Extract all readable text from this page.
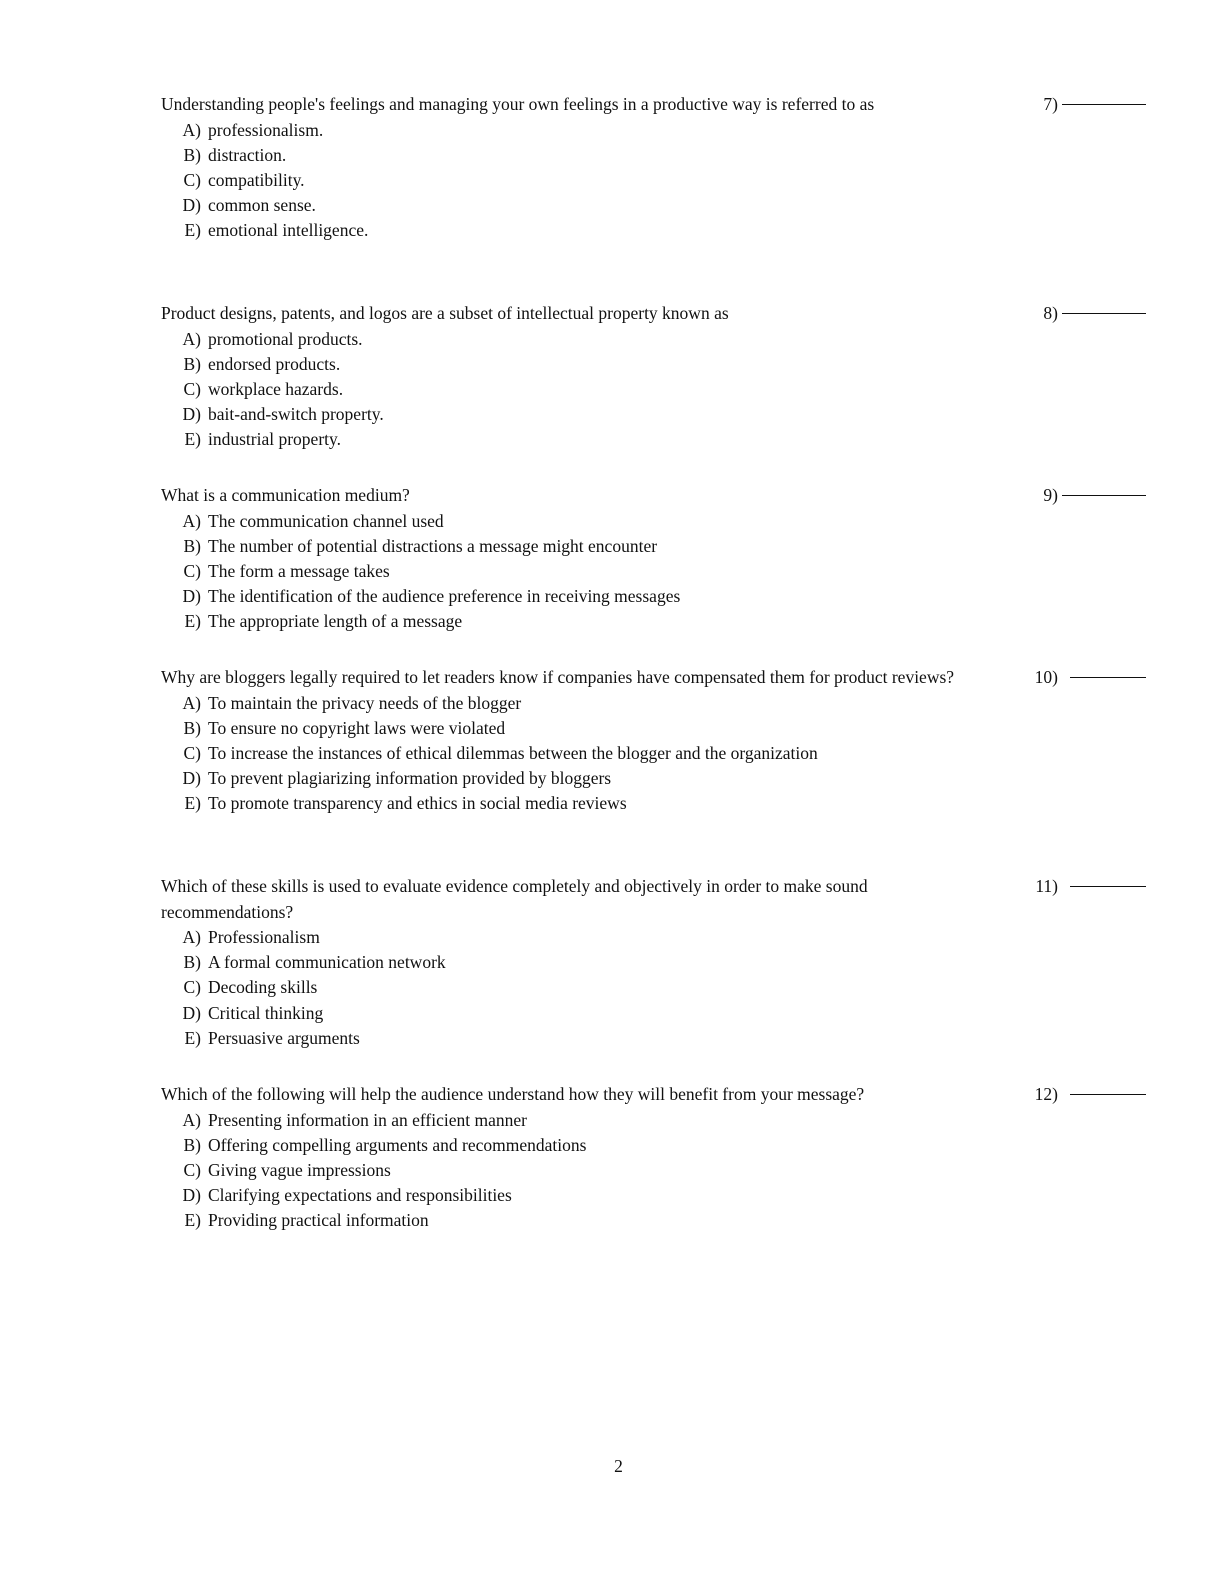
Understanding people's feelings and managing your own feelings in a productive way is referred to as
A) professionalism.
B) distraction.
C) compatibility.
D) common sense.
E) emotional intelligence.
7)
Product designs, patents, and logos are a subset of intellectual property known as
A) promotional products.
B) endorsed products.
C) workplace hazards.
D) bait-and-switch property.
E) industrial property.
8)
What is a communication medium?
A) The communication channel used
B) The number of potential distractions a message might encounter
C) The form a message takes
D) The identification of the audience preference in receiving messages
E) The appropriate length of a message
9)
Why are bloggers legally required to let readers know if companies have compensated them for product reviews?
A) To maintain the privacy needs of the blogger
B) To ensure no copyright laws were violated
C) To increase the instances of ethical dilemmas between the blogger and the organization
D) To prevent plagiarizing information provided by bloggers
E) To promote transparency and ethics in social media reviews
10)
Which of these skills is used to evaluate evidence completely and objectively in order to make sound recommendations?
A) Professionalism
B) A formal communication network
C) Decoding skills
D) Critical thinking
E) Persuasive arguments
11)
Which of the following will help the audience understand how they will benefit from your message?
A) Presenting information in an efficient manner
B) Offering compelling arguments and recommendations
C) Giving vague impressions
D) Clarifying expectations and responsibilities
E) Providing practical information
12)
2
